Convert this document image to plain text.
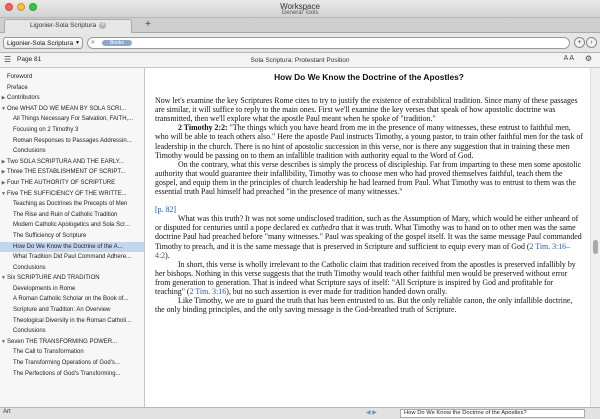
Workspace
General Tools
Ligonier-Sola Scriptura ×	+
Ligonier-Sola Scriptura ▼ ⌕	Books	+	›
☰ Page 81	Sola Scriptura: Protestant Position	A A ⚙
Foreword
Preface
▶ Contributors
▼One WHAT DO WE MEAN BY SOLA SCRI...
All Things Necessary For Salvation, FAITH,...
Focusing on 2 Timothy 3
Roman Responses to Passages Addressin...
Conclusions
▶ Two SOLA SCRIPTURA AND THE EARLY...
▶ Three THE ESTABLISHMENT OF SCRIPT...
▶ Four THE AUTHORITY OF SCRIPTURE
▼Five THE SUFFICIENCY OF THE WRITTE...
Teaching as Doctrines the Precepts of Men
The Rise and Ruin of Catholic Tradition
Modern Catholic Apologetics and Sola Scr...
The Sufficiency of Scripture
How Do We Know the Doctrine of the A...
What Tradition Did Paul Command Adhere...
Conclusions
▼Six SCRIPTURE AND TRADITION
Developments in Rome
A Roman Catholic Scholar on the Book of...
Scripture and Tradition: An Overview
Theological Diversity in the Roman Catholi...
Conclusions
▼Seven THE TRANSFORMING POWER...
The Call to Transformation
The Transforming Operations of God's...
The Perfections of God's Transforming...
How Do We Know the Doctrine of the Apostles?

Now let's examine the key Scriptures Rome cites to try to justify the existence of extrabiblical tradition. Since many of these passages are similar, it will suffice to reply to the main ones. First we'll examine the key verses that speak of how apostolic doctrine was transmitted, then we'll explore what the apostle Paul meant when he spoke of "tradition."

2 Timothy 2:2: "The things which you have heard from me in the presence of many witnesses, these entrust to faithful men, who will be able to teach others also." Here the apostle Paul instructs Timothy, a young pastor, to train other faithful men for the task of leadership in the church. There is no hint of apostolic succession in this verse, nor is there any suggestion that in training these men Timothy would be passing on to them an infallible tradition with authority equal to the Word of God.

On the contrary, what this verse describes is simply the process of discipleship. Far from imparting to these men some apostolic authority that would guarantee their infallibility, Timothy was to choose men who had proved themselves faithful, teach them the gospel, and equip them in the principles of church leadership he had learned from Paul. What Timothy was to entrust to them was the essential truth Paul himself had preached "in the presence of many witnesses."

[p. 82]

What was this truth? It was not some undisclosed tradition, such as the Assumption of Mary, which would be either unheard of or disputed for centuries until a pope declared ex cathedra that it was truth. What Timothy was to hand on to other men was the same doctrine Paul had preached before "many witnesses." Paul was speaking of the gospel itself. It was the same message Paul commanded Timothy to preach, and it is the same message that is preserved in Scripture and sufficient to equip every man of God (2 Tim. 3:16–4:2).

In short, this verse is wholly irrelevant to the Catholic claim that tradition received from the apostles is preserved infallibly by her bishops. Nothing in this verse suggests that the truth Timothy would teach other faithful men would be preserved without error from generation to generation. That is indeed what Scripture says of itself: "All Scripture is inspired by God and profitable for teaching" (2 Tim. 3:16), but no such assertion is ever made for tradition handed down orally.

Like Timothy, we are to guard the truth that has been entrusted to us. But the only reliable canon, the only infallible doctrine, the only binding principles, and the only saving message is the God-breathed truth of Scripture.

Art	◀ ▶	How Do We Know the Doctrine of the Apostles?
